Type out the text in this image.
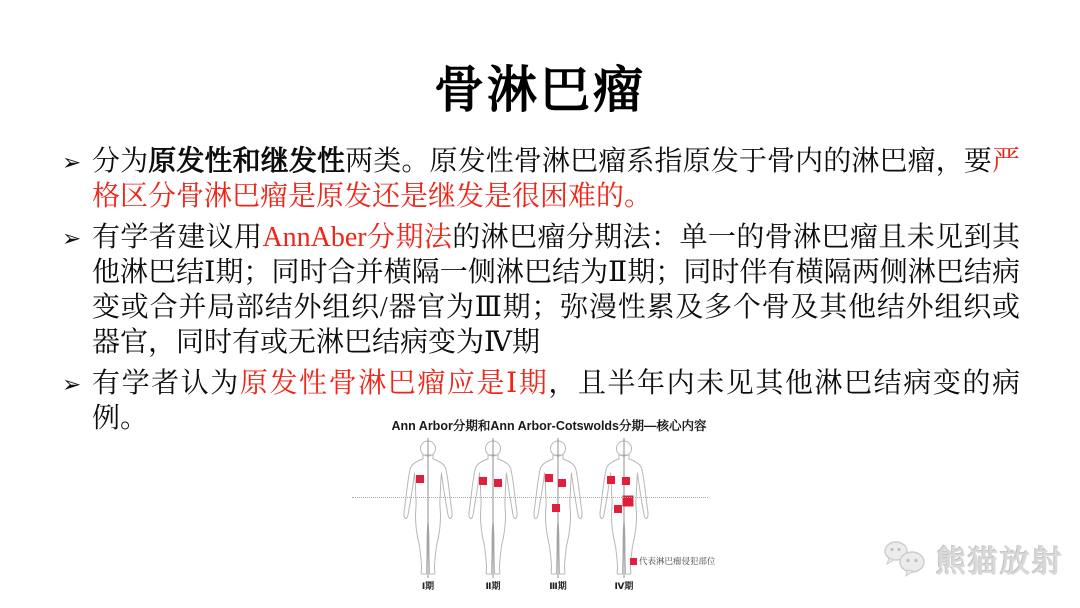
骨淋巴瘤
➢ 分为原发性和继发性两类。原发性骨淋巴瘤系指原发于骨内的淋巴瘤，要严格区分骨淋巴瘤是原发还是继发是很困难的。
➢ 有学者建议用AnnAber分期法的淋巴瘤分期法：单一的骨淋巴瘤且未见到其他淋巴结Ⅰ期；同时合并横隔一侧淋巴结为Ⅱ期；同时伴有横隔两侧淋巴结病变或合并局部结外组织/器官为Ⅲ期；弥漫性累及多个骨及其他结外组织或器官，同时有或无淋巴结病变为Ⅳ期
➢ 有学者认为原发性骨淋巴瘤应是Ⅰ期，且半年内未见其他淋巴结病变的病例。	Ann Arbor分期和Ann Arbor-Cotswolds分期—核心内容
代表淋巴瘤侵犯部位
Ⅰ期	Ⅱ期	Ⅲ期	Ⅳ期
熊猫放射
